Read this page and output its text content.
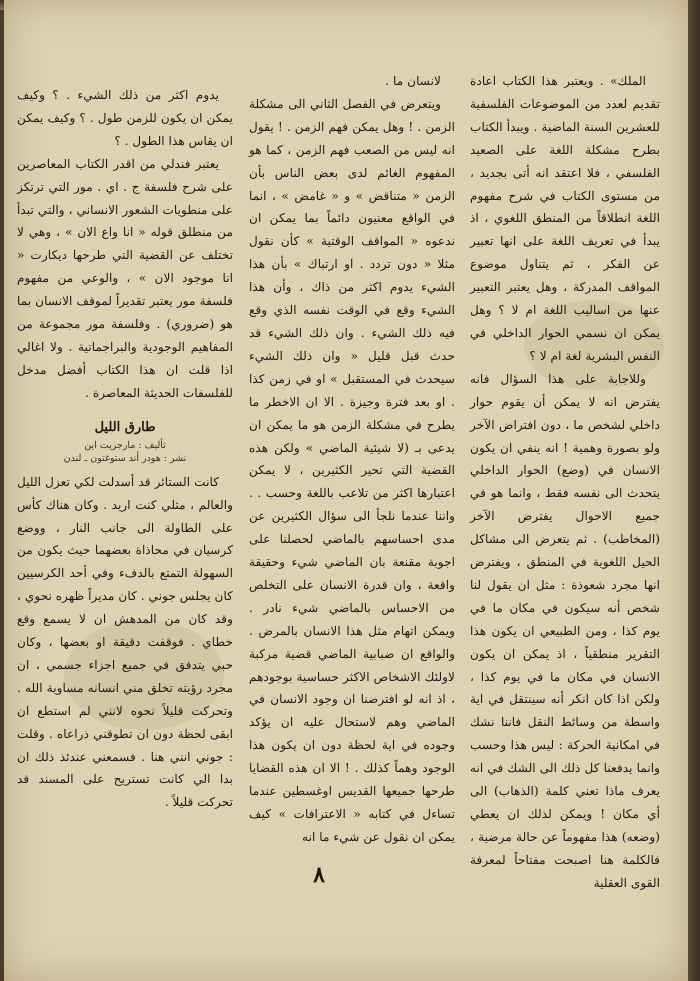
الملك» . ويعتبر هذا الكتاب اعادة تقديم لعدد من الموضوعات الفلسفية للعشرين السنة الماضية . ويبدأ الكتاب بطرح مشكلة اللغة على الصعيد الفلسفي ، فلا اعتقد انه أتى بجديد ، من مستوى الكتاب في شرح مفهوم اللغة انطلاقاً من المنطق اللغوي ، اذ يبدأ في تعريف اللغة على انها تعبير عن الفكر ، ثم يتناول موضوع المواقف المدركة ، وهل يعتبر التعبير عنها من اساليب اللغة ام لا ؟ وهل يمكن ان نسمي الحوار الداخلي في النفس البشرية لغة ام لا ؟

وللاجابة على هذا السؤال فانه يفترض انه لا يمكن أن يقوم حوار داخلي لشخص ما ، دون افتراض الآخر ولو بصورة وهمية ! انه ينفي ان يكون الانسان في (وضع) الحوار الداخلي يتحدث الى نفسه فقط ، وانما هو في جميع الاحوال يفترض الآخر (المخاطب) . ثم يتعرض الى مشاكل الحيل اللغوية في المنطق ، ويفترض انها مجرد شعوذة : مثل ان يقول لنا شخص أنه سيكون في مكان ما في يوم كذا ، ومن الطبيعي ان يكون هذا التقرير منطقياً ، اذ يمكن ان يكون الانسان في مكان ما في يوم كذا ، ولكن اذا كان انكر أنه سينتقل في اية واسطة من وسائط النقل فاننا نشك في امكانية الحركة : ليس هذا وحسب وانما يدفعنا كل ذلك الى الشك في انه يعرف ماذا تعني كلمة (الذهاب) الى أي مكان ! ويمكن لذلك ان يعطي (وضعه) هذا مفهوماً عن حالة مرضية ، فالكلمة هنا اصبحت مفتاحاً لمعرفة القوى العقلية

لانسان ما .

ويتعرض في الفصل الثاني الى مشكلة الزمن . ! وهل يمكن فهم الزمن . ! يقول انه ليس من الصعب فهم الزمن ، كما هو المفهوم الغائم لدى بعض الناس بأن الزمن « متناقض » و « غامض » ، انما في الواقع معنيون دائماً بما يمكن ان ندعوه « المواقف الوقتية » كأن نقول مثلا « دون تردد . او ارتباك » بأن هذا الشيء يدوم اكثر من ذاك ، وأن هذا الشيء وقع في الوقت نفسه الذي وقع فيه ذلك الشيء . وان ذلك الشيء قد حدث قبل قليل « وان ذلك الشيء سيحدث في المستقبل » او في زمن كذا . او بعد فترة وجيزة . الا ان الاخطر ما يطرح في مشكلة الزمن هو ما يمكن ان يدعى بـ (لا شيئية الماضي » ولكن هذه القضية التي تحير الكثيرين ، لا يمكن اعتبارها اكثر من تلاعب باللغة وحسب . . واننا عندما نلجأ الى سؤال الكثيرين عن مدى احساسهم بالماضي لحصلنا على اجوبة مقنعة بان الماضي شيء وحقيقة واقعة ، وان قدرة الانسان على التخلص من الاحساس بالماضي شيء نادر . ويمكن اتهام مثل هذا الانسان بالمرض . والواقع ان ضبابية الماضي قضية مركبة لاولئك الاشخاص الاكثر حساسية بوجودهم ، اذ انه لو افترضنا ان وجود الانسان في الماضي وهم لاستحال عليه ان يؤكد وجوده في اية لحظة دون ان يكون هذا الوجود وهماً كذلك . ! الا ان هذه القضايا طرحها جميعها القديس اوغسطين عندما تساءل في كتابه « الاعترافات » كيف يمكن ان نقول عن شيء ما انه

يدوم اكثر من ذلك الشيء . ؟ وكيف يمكن ان يكون للزمن طول . ؟ وكيف يمكن ان يقاس هذا الطول . ؟

يعتبر فندلي من اقدر الكتاب المعاصرين على شرح فلسفة ج . اي . مور التي ترتكز على منطويات الشعور الانساني ، والتي تبدأ من منطلق قوله « انا واع الان » ، وهي لا تختلف عن القضية التي طرحها ديكارت « انا موجود الان » ، والوعي من مفهوم فلسفة مور يعتبر تقديراً لموقف الانسان بما هو (ضروري) . وفلسفة مور مجموعة من المفاهيم الوجودية والبراجماتية . ولا اغالي اذا قلت ان هذا الكتاب أفضل مدخل للفلسفات الحديثة المعاصرة .

طارق الليل
تأليف : مارجريت اين
نشر : هودر أند ستوغتون ـ لندن

كانت الستائر قد أسدلت لكي تعزل الليل والعالم ، مثلي كنت اريد . وكان هناك كأس على الطاولة الى جانب النار ، ووضع كرسيان في محاذاة بعضهما حيث يكون من السهولة التمتع بالدفء وفي أحد الكرسيين كان يجلس جوني . كان مديراً ظهره نحوي ، وقد كان من المدهش ان لا يسمع وقع خطاي . فوقفت دقيقة او بعضها ، وكان حبي يتدفق في جميع اجزاء جسمي ، ان مجرد رؤيته تخلق مني انسانه مساوية الله . وتحركت قليلاً نحوه لانني لم استطع ان ابقى لحظة دون ان تطوقني ذراعاه . وقلت : جوني انني هنا . فسمعني عندئذ ذلك ان بدا الي كانت تستريح على المسند قد تحركت قليلاً .

٨
